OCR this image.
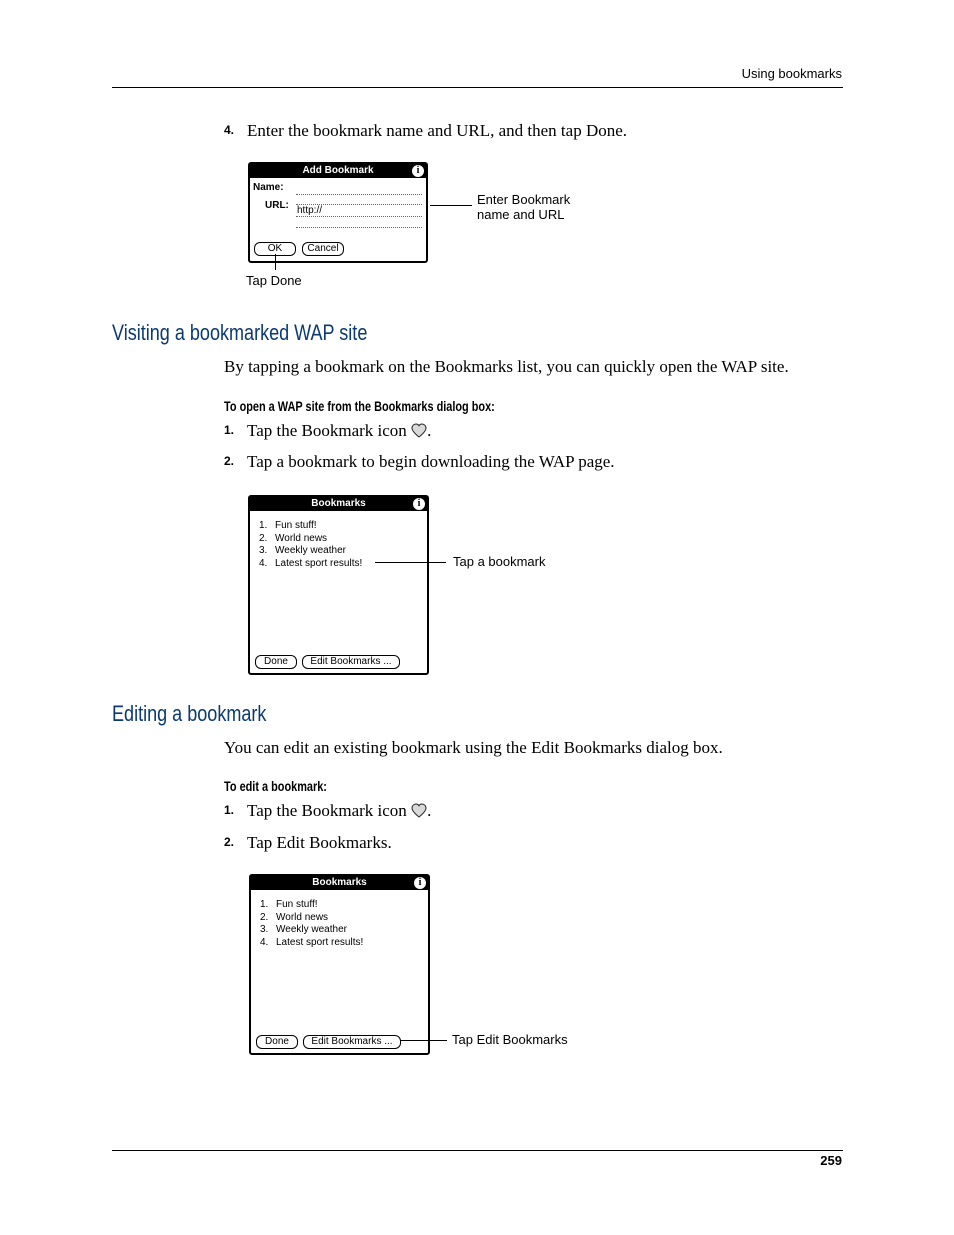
Using bookmarks
4. Enter the bookmark name and URL, and then tap Done.
Add Bookmark	i
Name:
URL: http://
OK	Cancel
Enter Bookmark
name and URL
Tap Done
Visiting a bookmarked WAP site
By tapping a bookmark on the Bookmarks list, you can quickly open the WAP site.
To open a WAP site from the Bookmarks dialog box:
1. Tap the Bookmark icon .
2. Tap a bookmark to begin downloading the WAP page.
Bookmarks	i
1. Fun stuff!
2. World news
3. Weekly weather
4. Latest sport results!
Done	Edit Bookmarks ...
Tap a bookmark
Editing a bookmark
You can edit an existing bookmark using the Edit Bookmarks dialog box.
To edit a bookmark:
1. Tap the Bookmark icon .
2. Tap Edit Bookmarks.
Bookmarks	i
1. Fun stuff!
2. World news
3. Weekly weather
4. Latest sport results!
Done	Edit Bookmarks ...	Tap Edit Bookmarks
259
